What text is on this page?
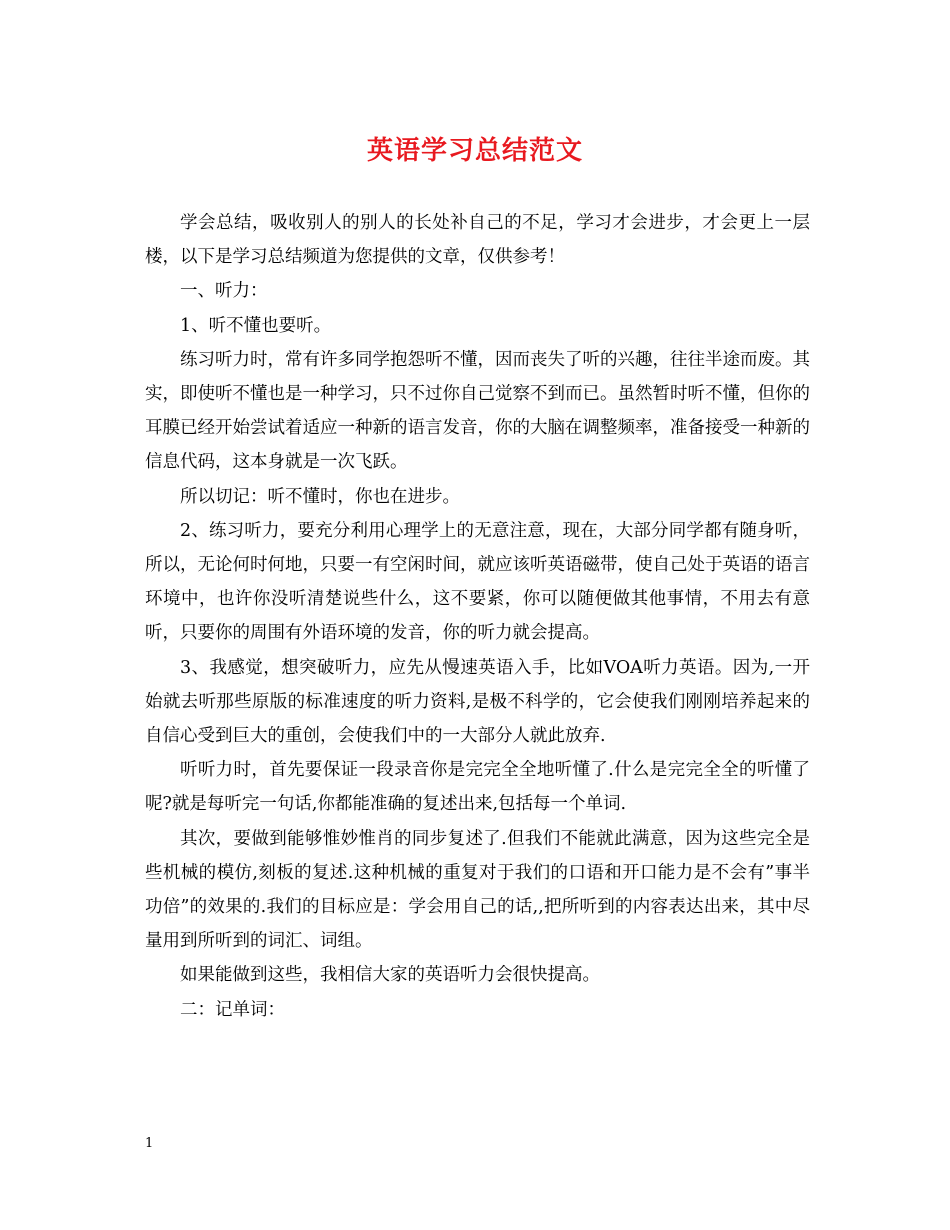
英语学习总结范文

学会总结，吸收别人的别人的长处补自己的不足，学习才会进步，才会更上一层楼，以下是学习总结频道为您提供的文章，仅供参考！

一、听力：

1、听不懂也要听。

练习听力时，常有许多同学抱怨听不懂，因而丧失了听的兴趣，往往半途而废。其实，即使听不懂也是一种学习，只不过你自己觉察不到而已。虽然暂时听不懂，但你的耳膜已经开始尝试着适应一种新的语言发音，你的大脑在调整频率，准备接受一种新的信息代码，这本身就是一次飞跃。

所以切记：听不懂时，你也在进步。

2、练习听力，要充分利用心理学上的无意注意，现在，大部分同学都有随身听，所以，无论何时何地，只要一有空闲时间，就应该听英语磁带，使自己处于英语的语言环境中，也许你没听清楚说些什么，这不要紧，你可以随便做其他事情，不用去有意听，只要你的周围有外语环境的发音，你的听力就会提高。

3、我感觉，想突破听力，应先从慢速英语入手，比如VOA听力英语。因为,一开始就去听那些原版的标准速度的听力资料,是极不科学的，它会使我们刚刚培养起来的自信心受到巨大的重创，会使我们中的一大部分人就此放弃.

听听力时，首先要保证一段录音你是完完全全地听懂了.什么是完完全全的听懂了呢?就是每听完一句话,你都能准确的复述出来,包括每一个单词.

其次，要做到能够惟妙惟肖的同步复述了.但我们不能就此满意，因为这些完全是些机械的模仿,刻板的复述.这种机械的重复对于我们的口语和开口能力是不会有”事半功倍”的效果的.我们的目标应是：学会用自己的话,,把所听到的内容表达出来，其中尽量用到所听到的词汇、词组。

如果能做到这些，我相信大家的英语听力会很快提高。

二：记单词：

1
